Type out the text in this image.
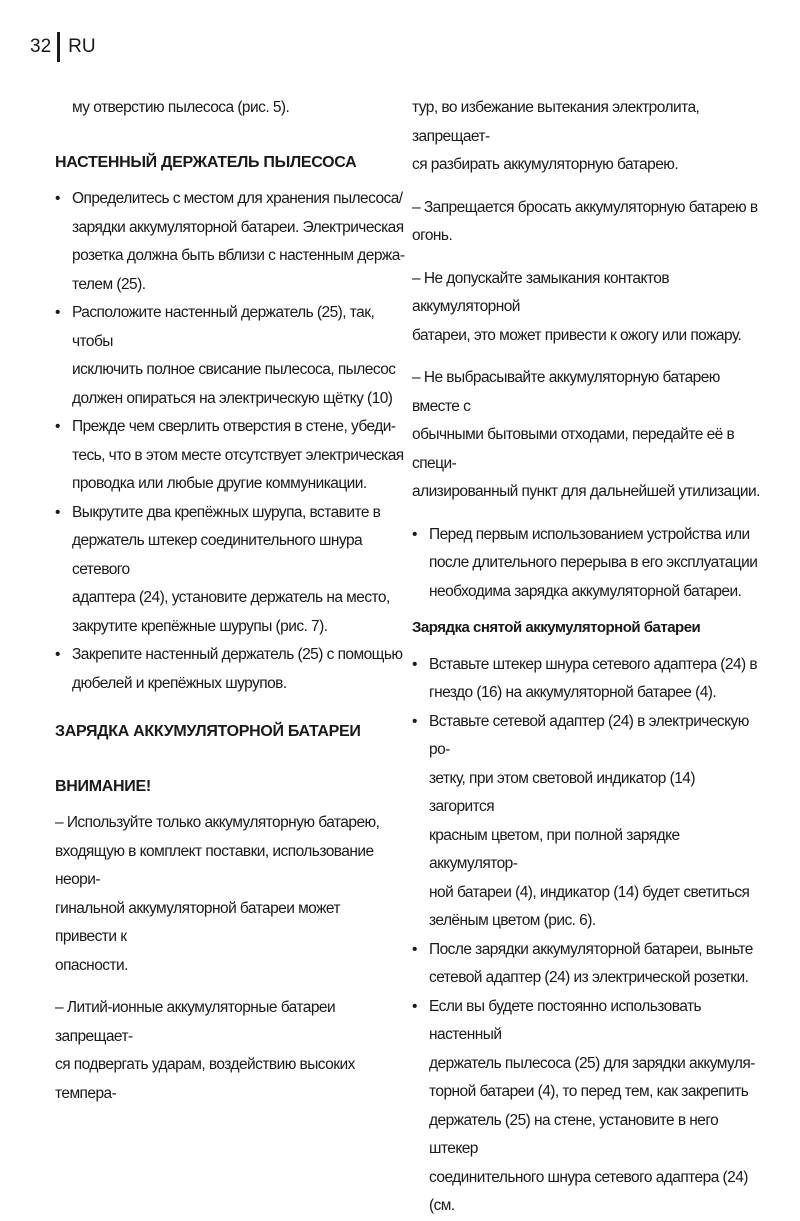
32 RU

му отверстию пылесоса (рис. 5).

НАСТЕННЫЙ ДЕРЖАТЕЛЬ ПЫЛЕСОСА

• Определитесь с местом для хранения пылесоса/
зарядки аккумуляторной батареи. Электрическая
розетка должна быть вблизи с настенным держа-
телем (25).
• Расположите настенный держатель (25), так, чтобы
исключить полное свисание пылесоса, пылесос
должен опираться на электрическую щётку (10)
• Прежде чем сверлить отверстия в стене, убеди-
тесь, что в этом месте отсутствует электрическая
проводка или любые другие коммуникации.
• Выкрутите два крепёжных шурупа, вставите в
держатель штекер соединительного шнура сетевого
адаптера (24), установите держатель на место,
закрутите крепёжные шурупы (рис. 7).
• Закрепите настенный держатель (25) с помощью
дюбелей и крепёжных шурупов.

ЗАРЯДКА АККУМУЛЯТОРНОЙ БАТАРЕИ

ВНИМАНИЕ!

– Используйте только аккумуляторную батарею,
входящую в комплект поставки, использование неори-
гинальной аккумуляторной батареи может привести к
опасности.

– Литий-ионные аккумуляторные батареи запрещает-
ся подвергать ударам, воздействию высоких темпера-

тур, во избежание вытекания электролита, запрещает-
ся разбирать аккумуляторную батарею.

– Запрещается бросать аккумуляторную батарею в
огонь.

– Не допускайте замыкания контактов аккумуляторной
батареи, это может привести к ожогу или пожару.

– Не выбрасывайте аккумуляторную батарею вместе с
обычными бытовыми отходами, передайте её в специ-
ализированный пункт для дальнейшей утилизации.

• Перед первым использованием устройства или
после длительного перерыва в его эксплуатации
необходима зарядка аккумуляторной батареи.

Зарядка снятой аккумуляторной батареи

• Вставьте штекер шнура сетевого адаптера (24) в
гнездо (16) на аккумуляторной батарее (4).
• Вставьте сетевой адаптер (24) в электрическую ро-
зетку, при этом световой индикатор (14) загорится
красным цветом, при полной зарядке аккумулятор-
ной батареи (4), индикатор (14) будет светиться
зелёным цветом (рис. 6).
• После зарядки аккумуляторной батареи, выньте
сетевой адаптер (24) из электрической розетки.
• Если вы будете постоянно использовать настенный
держатель пылесоса (25) для зарядки аккумуля-
торной батареи (4), то перед тем, как закрепить
держатель (25) на стене, установите в него штекер
соединительного шнура сетевого адаптера (24) (см.
